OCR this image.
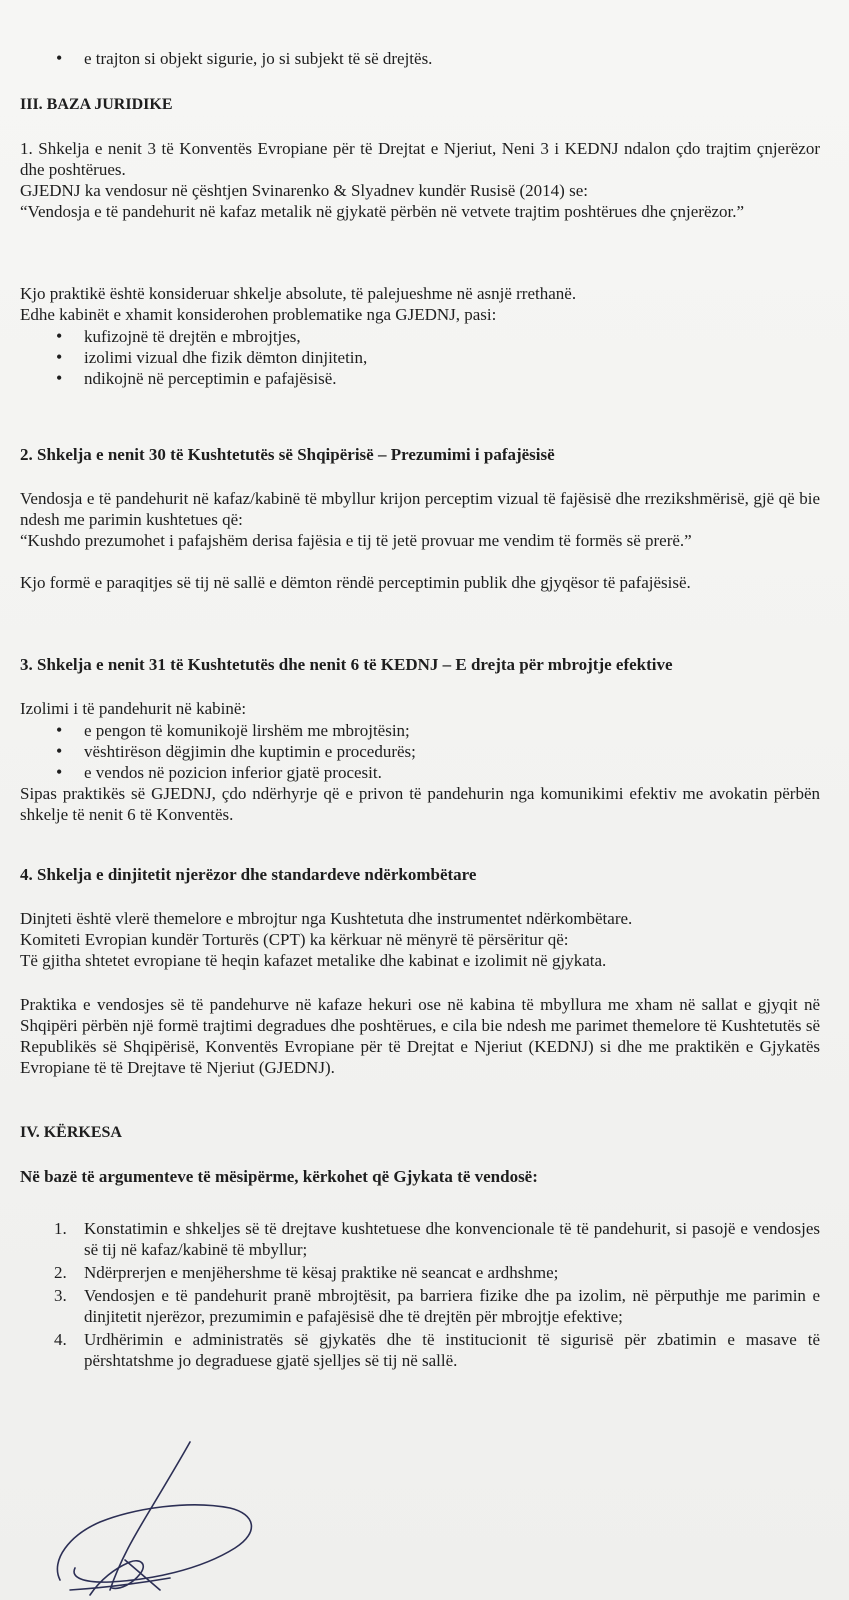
• e trajton si objekt sigurie, jo si subjekt të së drejtës.
III. BAZA JURIDIKE
1. Shkelja e nenit 3 të Konventës Evropiane për të Drejtat e Njeriut, Neni 3 i KEDNJ ndalon çdo trajtim çnjerëzor dhe poshtërues.
GJEDNJ ka vendosur në çështjen Svinarenko & Slyadnev kundër Rusisë (2014) se:
“Vendosja e të pandehurit në kafaz metalik në gjykatë përbën në vetvete trajtim poshtërues dhe çnjerëzor.”
Kjo praktikë është konsideruar shkelje absolute, të palejueshme në asnjë rrethanë.
Edhe kabinët e xhamit konsiderohen problematike nga GJEDNJ, pasi:
• kufizojnë të drejtën e mbrojtjes,
• izolimi vizual dhe fizik dëmton dinjitetin,
• ndikojnë në perceptimin e pafajësisë.
2. Shkelja e nenit 30 të Kushtetutës së Shqipërisë – Prezumimi i pafajësisë
Vendosja e të pandehurit në kafaz/kabinë të mbyllur krijon perceptim vizual të fajësisë dhe rrezikshmërisë, gjë që bie ndesh me parimin kushtetues që:
“Kushdo prezumohet i pafajshëm derisa fajësia e tij të jetë provuar me vendim të formës së prerë.”
Kjo formë e paraqitjes së tij në sallë e dëmton rëndë perceptimin publik dhe gjyqësor të pafajësisë.
3. Shkelja e nenit 31 të Kushtetutës dhe nenit 6 të KEDNJ – E drejta për mbrojtje efektive
Izolimi i të pandehurit në kabinë:
• e pengon të komunikojë lirshëm me mbrojtësin;
• vështirëson dëgjimin dhe kuptimin e procedurës;
• e vendos në pozicion inferior gjatë procesit.
Sipas praktikës së GJEDNJ, çdo ndërhyrje që e privon të pandehurin nga komunikimi efektiv me avokatin përbën shkelje të nenit 6 të Konventës.
4. Shkelja e dinjitetit njerëzor dhe standardeve ndërkombëtare
Dinjteti është vlerë themelore e mbrojtur nga Kushtetuta dhe instrumentet ndërkombëtare.
Komiteti Evropian kundër Torturës (CPT) ka kërkuar në mënyrë të përsëritur që:
Të gjitha shtetet evropiane të heqin kafazet metalike dhe kabinat e izolimit në gjykata.
Praktika e vendosjes së të pandehurve në kafaze hekuri ose në kabina të mbyllura me xham në sallat e gjyqit në Shqipëri përbën një formë trajtimi degradues dhe poshtërues, e cila bie ndesh me parimet themelore të Kushtetutës së Republikës së Shqipërisë, Konventës Evropiane për të Drejtat e Njeriut (KEDNJ) si dhe me praktikën e Gjykatës Evropiane të të Drejtave të Njeriut (GJEDNJ).
IV. KËRKESA
Në bazë të argumenteve të mësipërme, kërkohet që Gjykata të vendosë:
1. Konstatimin e shkeljes së të drejtave kushtetuese dhe konvencionale të të pandehurit, si pasojë e vendosjes së tij në kafaz/kabinë të mbyllur;
2. Ndërprerjen e menjëhershme të kësaj praktike në seancat e ardhshme;
3. Vendosjen e të pandehurit pranë mbrojtësit, pa barriera fizike dhe pa izolim, në përputhje me parimin e dinjitetit njerëzor, prezumimin e pafajësisë dhe të drejtën për mbrojtje efektive;
4. Urdhërimin e administratës së gjykatës dhe të institucionit të sigurisë për zbatimin e masave të përshtatshme jo degraduese gjatë sjelljes së tij në sallë.
